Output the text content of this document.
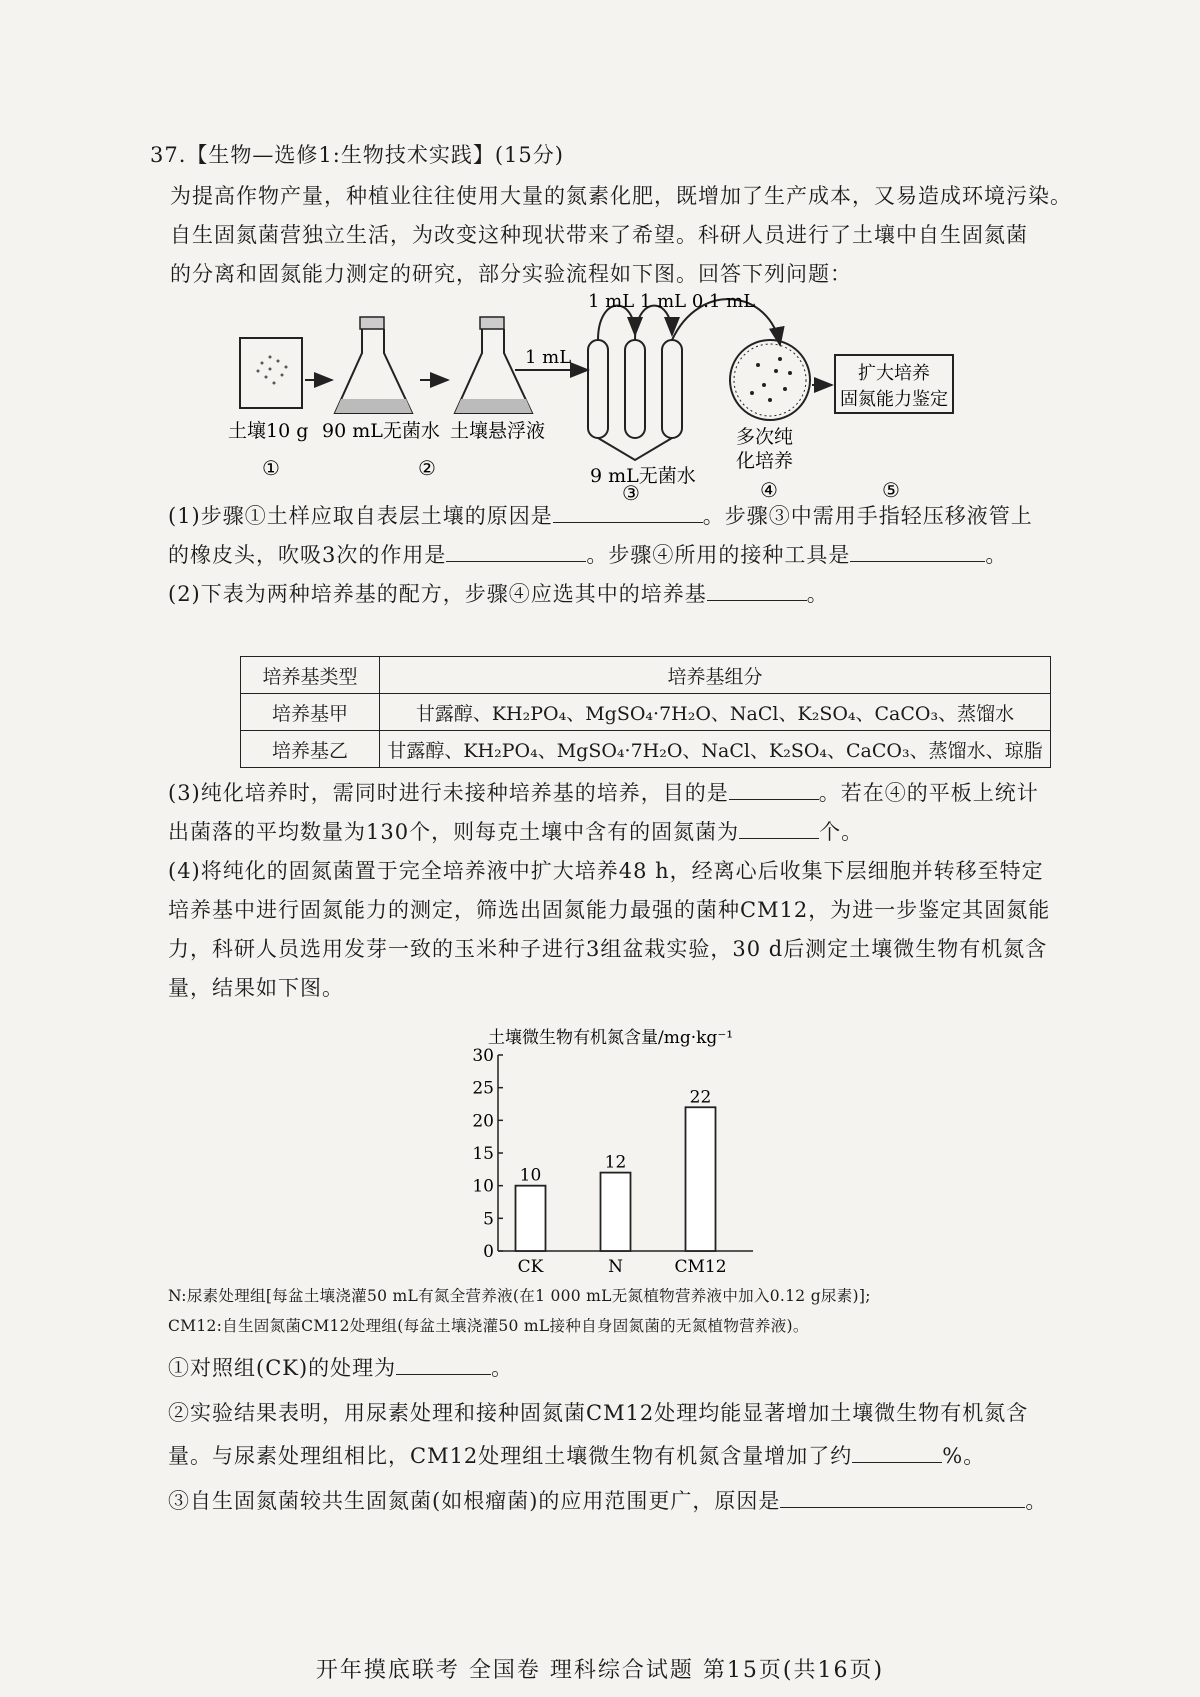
37.【生物—选修1:生物技术实践】(15分)
为提高作物产量，种植业往往使用大量的氮素化肥，既增加了生产成本，又易造成环境污染。
自生固氮菌营独立生活，为改变这种现状带来了希望。科研人员进行了土壤中自生固氮菌
的分离和固氮能力测定的研究，部分实验流程如下图。回答下列问题：
1 mL
1 mL 1 mL 0.1 mL
扩大培养
固氮能力鉴定
土壤10 g 90 mL无菌水 土壤悬浮液
9 mL无菌水
多次纯
化培养
①	②
③	④	⑤
(1)步骤①土样应取自表层土壤的原因是	。步骤③中需用手指轻压移液管上
的橡皮头，吹吸3次的作用是	。步骤④所用的接种工具是	。
(2)下表为两种培养基的配方，步骤④应选其中的培养基	。
培养基类型	培养基组分
培养基甲	甘露醇、KH₂PO₄、MgSO₄·7H₂O、NaCl、K₂SO₄、CaCO₃、蒸馏水
培养基乙	甘露醇、KH₂PO₄、MgSO₄·7H₂O、NaCl、K₂SO₄、CaCO₃、蒸馏水、琼脂
(3)纯化培养时，需同时进行未接种培养基的培养，目的是	。若在④的平板上统计
出菌落的平均数量为130个，则每克土壤中含有的固氮菌为	个。
(4)将纯化的固氮菌置于完全培养液中扩大培养48 h，经离心后收集下层细胞并转移至特定
培养基中进行固氮能力的测定，筛选出固氮能力最强的菌种CM12，为进一步鉴定其固氮能
力，科研人员选用发芽一致的玉米种子进行3组盆栽实验，30 d后测定土壤微生物有机氮含
量，结果如下图。
土壤微生物有机氮含量/mg·kg⁻¹
0
5
10
15
20
25
30
10
CK
12
N
22
CM12
N:尿素处理组[每盆土壤浇灌50 mL有氮全营养液(在1 000 mL无氮植物营养液中加入0.12 g尿素)];
CM12:自生固氮菌CM12处理组(每盆土壤浇灌50 mL接种自身固氮菌的无氮植物营养液)。
①对照组(CK)的处理为	。
②实验结果表明，用尿素处理和接种固氮菌CM12处理均能显著增加土壤微生物有机氮含
量。与尿素处理组相比，CM12处理组土壤微生物有机氮含量增加了约	%。
③自生固氮菌较共生固氮菌(如根瘤菌)的应用范围更广，原因是	。
开年摸底联考 全国卷 理科综合试题 第15页(共16页)
